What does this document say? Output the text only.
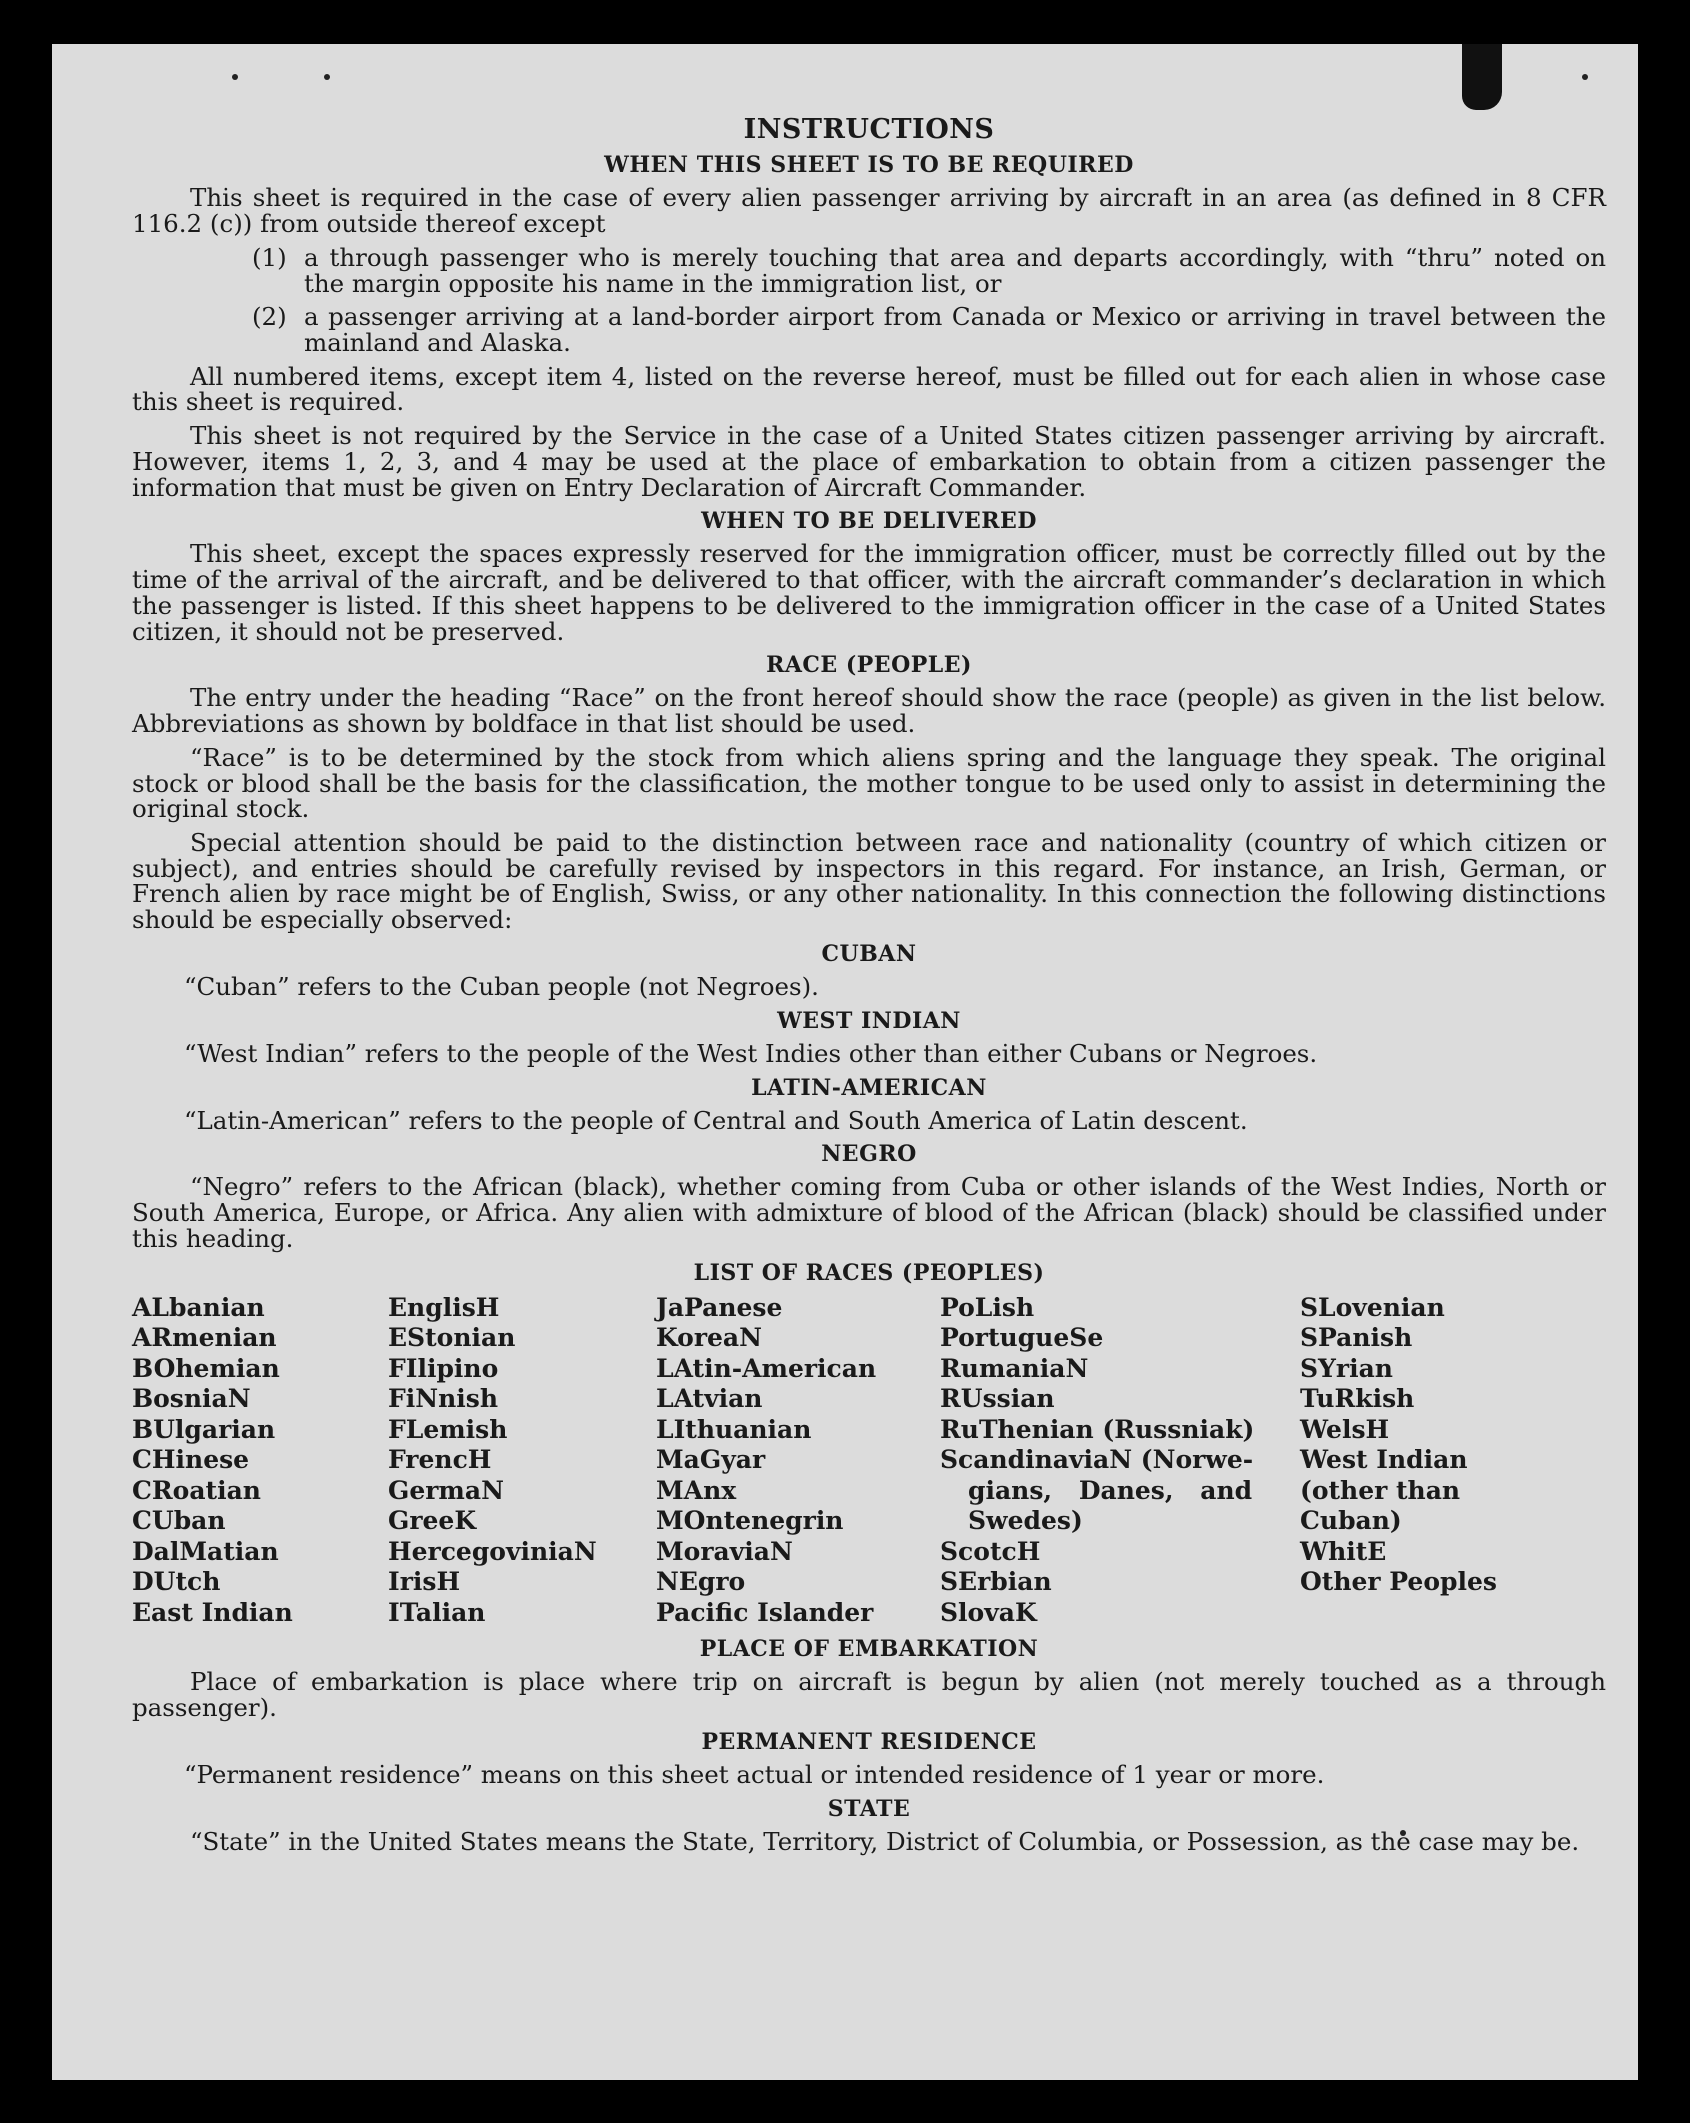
INSTRUCTIONS
WHEN THIS SHEET IS TO BE REQUIRED

This sheet is required in the case of every alien passenger arriving by aircraft in an area (as defined in 8 CFR 116.2 (c)) from outside thereof except

(1) a through passenger who is merely touching that area and departs accordingly, with “thru” noted on the margin opposite his name in the immigration list, or
(2) a passenger arriving at a land-border airport from Canada or Mexico or arriving in travel between the mainland and Alaska.

All numbered items, except item 4, listed on the reverse hereof, must be filled out for each alien in whose case this sheet is required.

This sheet is not required by the Service in the case of a United States citizen passenger arriving by aircraft. However, items 1, 2, 3, and 4 may be used at the place of embarkation to obtain from a citizen passenger the information that must be given on Entry Declaration of Aircraft Commander.

WHEN TO BE DELIVERED

This sheet, except the spaces expressly reserved for the immigration officer, must be correctly filled out by the time of the arrival of the aircraft, and be delivered to that officer, with the aircraft commander’s declaration in which the passenger is listed. If this sheet happens to be delivered to the immigration officer in the case of a United States citizen, it should not be preserved.

RACE (PEOPLE)

The entry under the heading “Race” on the front hereof should show the race (people) as given in the list below. Abbreviations as shown by boldface in that list should be used.

“Race” is to be determined by the stock from which aliens spring and the language they speak. The original stock or blood shall be the basis for the classification, the mother tongue to be used only to assist in determining the original stock.

Special attention should be paid to the distinction between race and nationality (country of which citizen or subject), and entries should be carefully revised by inspectors in this regard. For instance, an Irish, German, or French alien by race might be of English, Swiss, or any other nationality. In this connection the following distinctions should be especially observed:

CUBAN

“Cuban” refers to the Cuban people (not Negroes).

WEST INDIAN

“West Indian” refers to the people of the West Indies other than either Cubans or Negroes.

LATIN-AMERICAN

“Latin-American” refers to the people of Central and South America of Latin descent.

NEGRO

“Negro” refers to the African (black), whether coming from Cuba or other islands of the West Indies, North or South America, Europe, or Africa. Any alien with admixture of blood of the African (black) should be classified under this heading.

LIST OF RACES (PEOPLES)
ALbanian
ARmenian
BOhemian
BosniaN
BUlgarian
CHinese
CRoatian
CUban
DalMatian
DUtch
East Indian
EnglisH
EStonian
FIlipino
FiNnish
FLemish
FrencH
GermaN
GreeK
HercegoviniaN
IrisH
ITalian
JaPanese
KoreaN
LAtin-American
LAtvian
LIthuanian
MaGyar
MAnx
MOntenegrin
MoraviaN
NEgro
Pacific Islander
PoLish
PortugueSe
RumaniaN
RUssian
RuThenian (Russniak)
ScandinaviaN (Norwe-
gians, Danes, and
Swedes)
ScotcH
SErbian
SlovaK
SLovenian
SPanish
SYrian
TuRkish
WelsH
West Indian (other than Cuban)
WhitE
Other Peoples
PLACE OF EMBARKATION

Place of embarkation is place where trip on aircraft is begun by alien (not merely touched as a through passenger).

PERMANENT RESIDENCE

“Permanent residence” means on this sheet actual or intended residence of 1 year or more.

STATE

“State” in the United States means the State, Territory, District of Columbia, or Possession, as the case may be.
